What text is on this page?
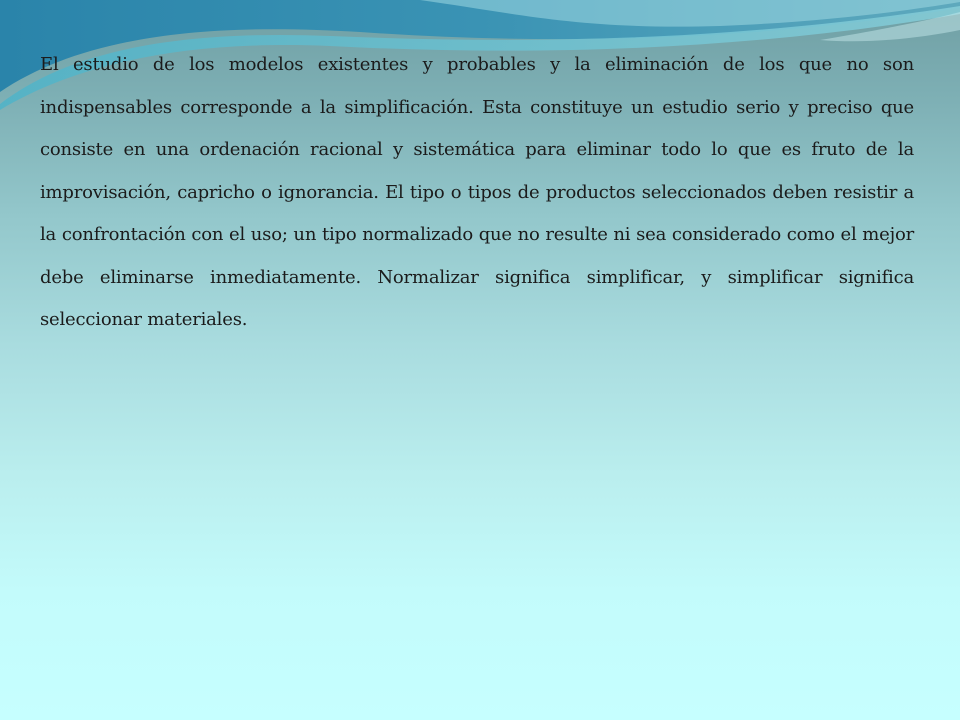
El estudio de los modelos existentes y probables y la eliminación de los que no son indispensables corresponde a la simplificación. Esta constituye un estudio serio y preciso que consiste en una ordenación racional y sistemática para eliminar todo lo que es fruto de la improvisación, capricho o ignorancia. El tipo o tipos de productos seleccionados deben resistir a la confrontación con el uso; un tipo normalizado que no resulte ni sea considerado como el mejor debe eliminarse inmediatamente. Normalizar significa simplificar, y simplificar significa seleccionar materiales.
